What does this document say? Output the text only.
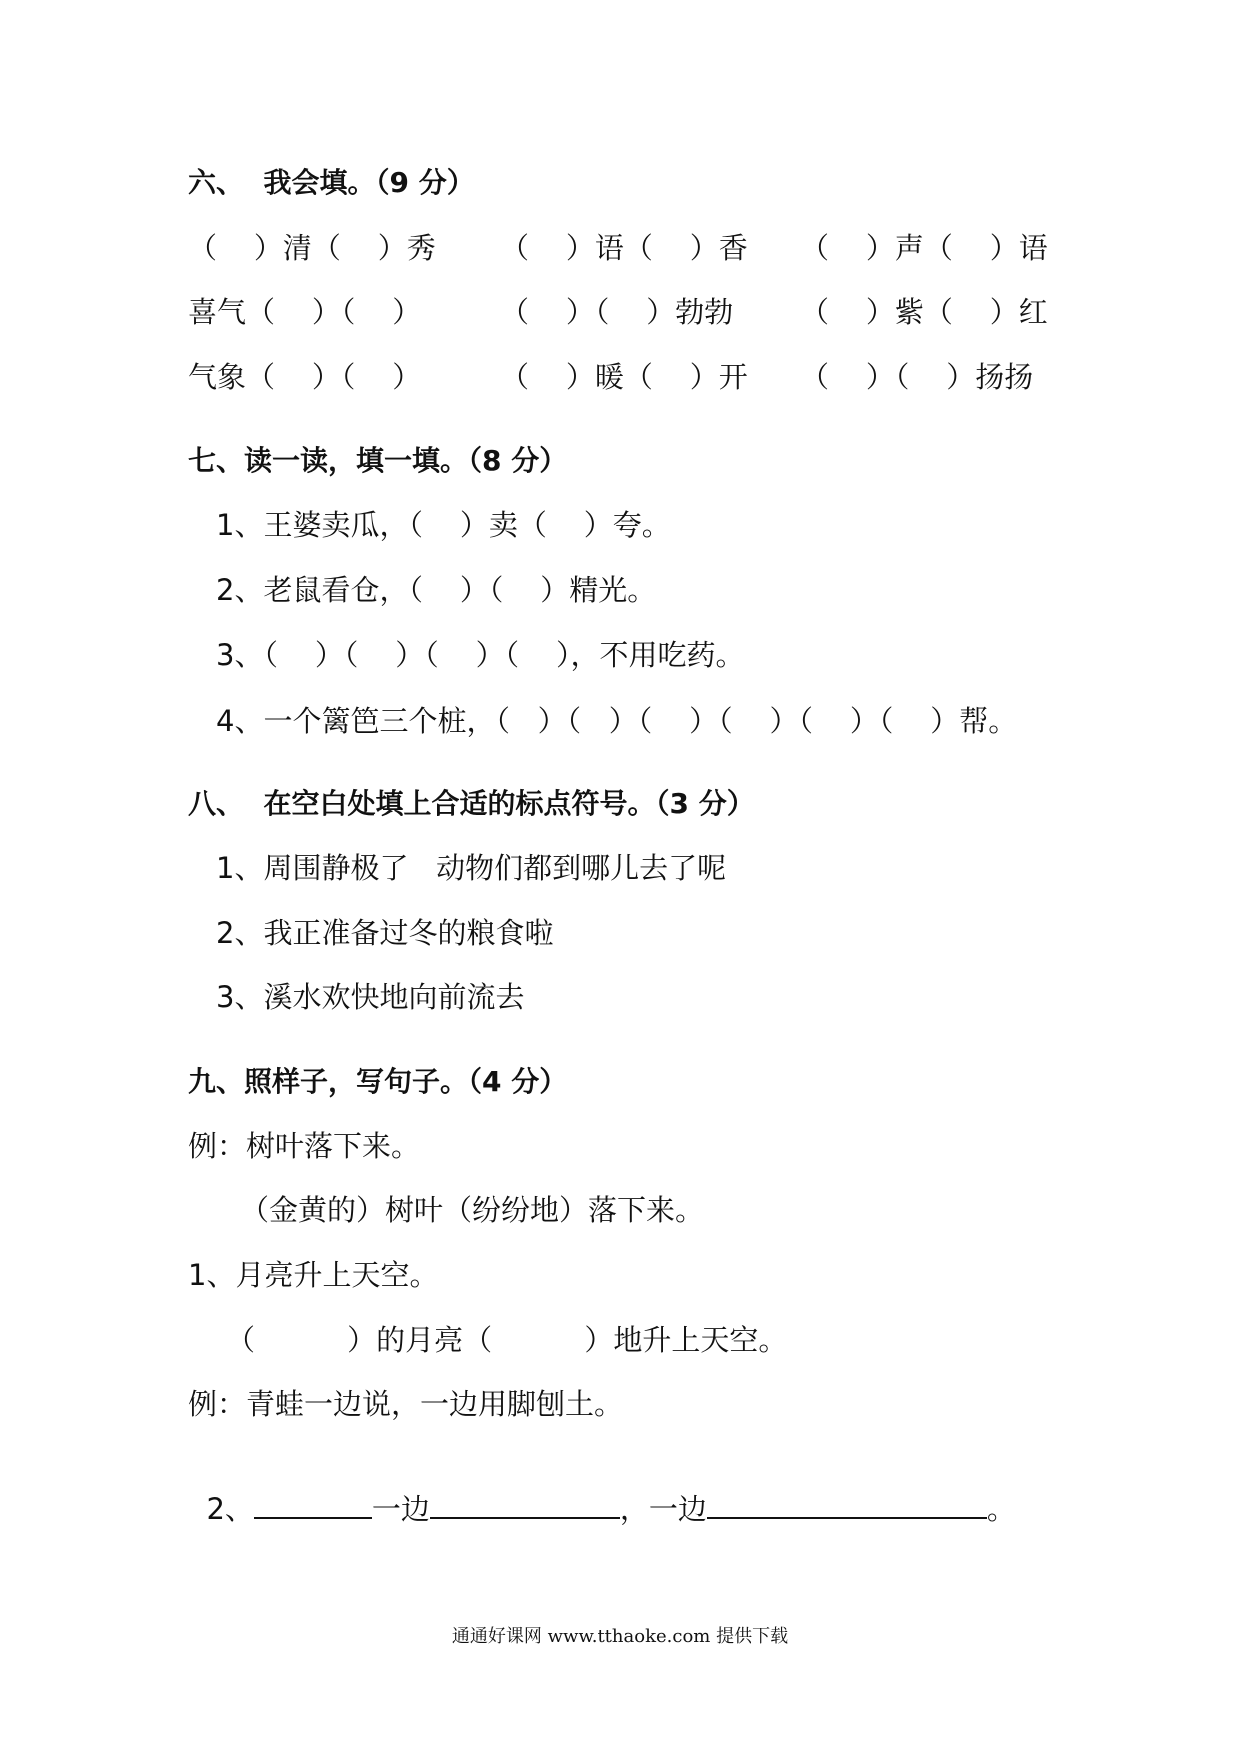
六、  我会填。（9 分）
（    ）清（    ）秀 （    ）语（    ）香 （    ）声（    ）语
喜气（    ）（    ）	（    ）（    ）勃勃 （    ）紫（    ）红
气象（    ）（    ）	（    ）暖（    ）开 （    ）（    ）扬扬
七、读一读，填一填。（8 分）
1、王婆卖瓜，（    ）卖（    ）夸。
2、老鼠看仓，（    ）（    ）精光。
3、（    ）（    ）（    ）（    ），不用吃药。
4、一个篱笆三个桩，（   ）（   ）（    ）（    ）（    ）（    ）帮。
八、  在空白处填上合适的标点符号。（3 分）
1、周围静极了   动物们都到哪儿去了呢
2、我正准备过冬的粮食啦
3、溪水欢快地向前流去
九、照样子，写句子。（4 分）
例：树叶落下来。
（金黄的）树叶（纷纷地）落下来。
1、月亮升上天空。
（          ）的月亮（          ）地升上天空。
例：青蛙一边说，一边用脚刨土。

2、	一边	，一边	。

通通好课网 www.tthaoke.com 提供下载
